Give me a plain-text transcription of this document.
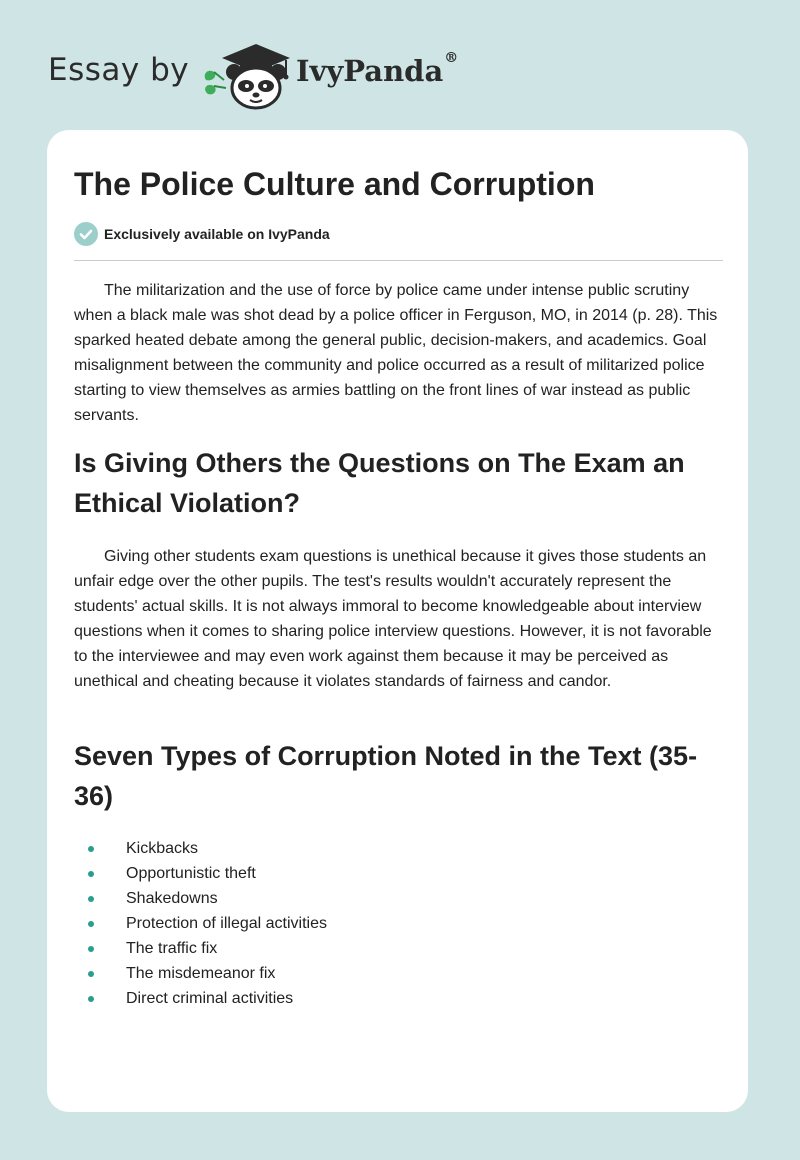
Essay by	IvyPanda®
The Police Culture and Corruption
Exclusively available on IvyPanda

The militarization and the use of force by police came under intense public scrutiny when a black male was shot dead by a police officer in Ferguson, MO, in 2014 (p. 28). This sparked heated debate among the general public, decision-makers, and academics. Goal misalignment between the community and police occurred as a result of militarized police starting to view themselves as armies battling on the front lines of war instead as public servants.

Is Giving Others the Questions on The Exam an Ethical Violation?

Giving other students exam questions is unethical because it gives those students an unfair edge over the other pupils. The test's results wouldn't accurately represent the students' actual skills. It is not always immoral to become knowledgeable about interview questions when it comes to sharing police interview questions. However, it is not favorable to the interviewee and may even work against them because it may be perceived as unethical and cheating because it violates standards of fairness and candor.

Seven Types of Corruption Noted in the Text (35-36)
Kickbacks
Opportunistic theft
Shakedowns
Protection of illegal activities
The traffic fix
The misdemeanor fix
Direct criminal activities
